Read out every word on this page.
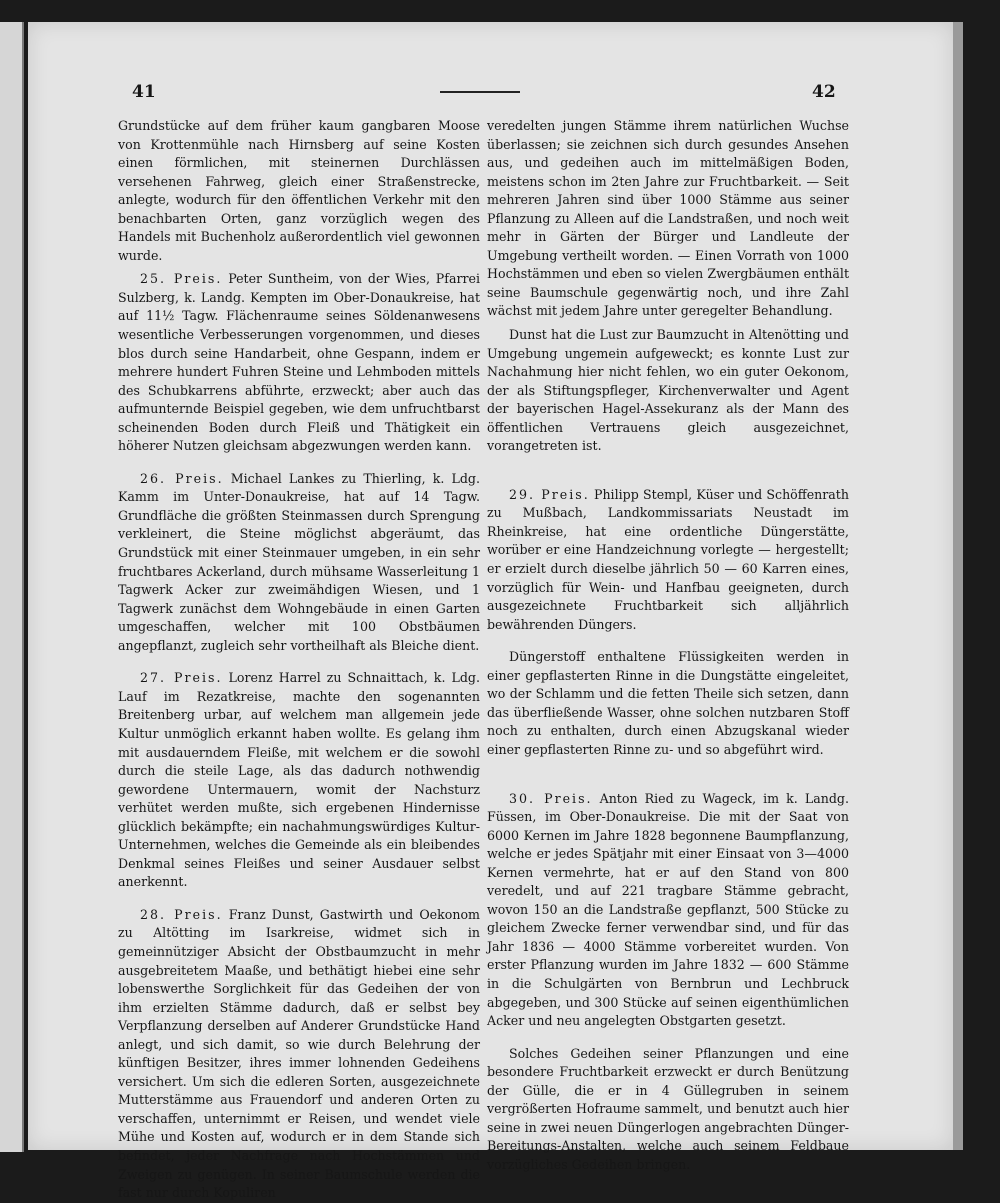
41	42

Grundstücke auf dem früher kaum gangbaren Moose von Krottenmühle nach Hirnsberg auf seine Kosten einen förmlichen, mit steinernen Durchlässen versehenen Fahrweg, gleich einer Straßenstrecke, anlegte, wodurch für den öffentlichen Verkehr mit den benachbarten Orten, ganz vorzüglich wegen des Handels mit Buchenholz außerordentlich viel gewonnen wurde.

25. Preis. Peter Suntheim, von der Wies, Pfarrei Sulzberg, k. Landg. Kempten im Ober-Donaukreise, hat auf 11½ Tagw. Flächenraume seines Söldenanwesens wesentliche Verbesserungen vorgenommen, und dieses blos durch seine Handarbeit, ohne Gespann, indem er mehrere hundert Fuhren Steine und Lehmboden mittels des Schubkarrens abführte, erzweckt; aber auch das aufmunternde Beispiel gegeben, wie dem unfruchtbarst scheinenden Boden durch Fleiß und Thätigkeit ein höherer Nutzen gleichsam abgezwungen werden kann.

26. Preis. Michael Lankes zu Thierling, k. Ldg. Kamm im Unter-Donaukreise, hat auf 14 Tagw. Grundfläche die größten Steinmassen durch Sprengung verkleinert, die Steine möglichst abgeräumt, das Grundstück mit einer Steinmauer umgeben, in ein sehr fruchtbares Ackerland, durch mühsame Wasserleitung 1 Tagwerk Acker zur zweimähdigen Wiesen, und 1 Tagwerk zunächst dem Wohngebäude in einen Garten umgeschaffen, welcher mit 100 Obstbäumen angepflanzt, zugleich sehr vortheilhaft als Bleiche dient.

27. Preis. Lorenz Harrel zu Schnaittach, k. Ldg. Lauf im Rezatkreise, machte den sogenannten Breitenberg urbar, auf welchem man allgemein jede Kultur unmöglich erkannt haben wollte. Es gelang ihm mit ausdauerndem Fleiße, mit welchem er die sowohl durch die steile Lage, als das dadurch nothwendig gewordene Untermauern, womit der Nachsturz verhütet werden mußte, sich ergebenen Hindernisse glücklich bekämpfte; ein nachahmungswürdiges Kultur-Unternehmen, welches die Gemeinde als ein bleibendes Denkmal seines Fleißes und seiner Ausdauer selbst anerkennt.

28. Preis. Franz Dunst, Gastwirth und Oekonom zu Altötting im Isarkreise, widmet sich in gemeinnütziger Absicht der Obstbaumzucht in mehr ausgebreitetem Maaße, und bethätigt hiebei eine sehr lobenswerthe Sorglichkeit für das Gedeihen der von ihm erzielten Stämme dadurch, daß er selbst bey Verpflanzung derselben auf Anderer Grundstücke Hand anlegt, und sich damit, so wie durch Belehrung der künftigen Besitzer, ihres immer lohnenden Gedeihens versichert. Um sich die edleren Sorten, ausgezeichnete Mutterstämme aus Frauendorf und anderen Orten zu verschaffen, unternimmt er Reisen, und wendet viele Mühe und Kosten auf, wodurch er in dem Stande sich befindet, jeder Nachfrage nach Hochstämmen und Zweigen zu genügen. In seiner Baumschule werden die fast nur durch Kopuliren

veredelten jungen Stämme ihrem natürlichen Wuchse überlassen; sie zeichnen sich durch gesundes Ansehen aus, und gedeihen auch im mittelmäßigen Boden, meistens schon im 2ten Jahre zur Fruchtbarkeit. — Seit mehreren Jahren sind über 1000 Stämme aus seiner Pflanzung zu Alleen auf die Landstraßen, und noch weit mehr in Gärten der Bürger und Landleute der Umgebung vertheilt worden. — Einen Vorrath von 1000 Hochstämmen und eben so vielen Zwergbäumen enthält seine Baumschule gegenwärtig noch, und ihre Zahl wächst mit jedem Jahre unter geregelter Behandlung.

Dunst hat die Lust zur Baumzucht in Altenötting und Umgebung ungemein aufgeweckt; es konnte Lust zur Nachahmung hier nicht fehlen, wo ein guter Oekonom, der als Stiftungspfleger, Kirchenverwalter und Agent der bayerischen Hagel-Assekuranz als der Mann des öffentlichen Vertrauens gleich ausgezeichnet, vorangetreten ist.

29. Preis. Philipp Stempl, Küser und Schöffenrath zu Mußbach, Landkommissariats Neustadt im Rheinkreise, hat eine ordentliche Düngerstätte, worüber er eine Handzeichnung vorlegte — hergestellt; er erzielt durch dieselbe jährlich 50 — 60 Karren eines, vorzüglich für Wein- und Hanfbau geeigneten, durch ausgezeichnete Fruchtbarkeit sich alljährlich bewährenden Düngers.

Düngerstoff enthaltene Flüssigkeiten werden in einer gepflasterten Rinne in die Dungstätte eingeleitet, wo der Schlamm und die fetten Theile sich setzen, dann das überfließende Wasser, ohne solchen nutzbaren Stoff noch zu enthalten, durch einen Abzugskanal wieder einer gepflasterten Rinne zu- und so abgeführt wird.

30. Preis. Anton Ried zu Wageck, im k. Landg. Füssen, im Ober-Donaukreise. Die mit der Saat von 6000 Kernen im Jahre 1828 begonnene Baumpflanzung, welche er jedes Spätjahr mit einer Einsaat von 3—4000 Kernen vermehrte, hat er auf den Stand von 800 veredelt, und auf 221 tragbare Stämme gebracht, wovon 150 an die Landstraße gepflanzt, 500 Stücke zu gleichem Zwecke ferner verwendbar sind, und für das Jahr 1836 — 4000 Stämme vorbereitet wurden. Von erster Pflanzung wurden im Jahre 1832 — 600 Stämme in die Schulgärten von Bernbrun und Lechbruck abgegeben, und 300 Stücke auf seinen eigenthümlichen Acker und neu angelegten Obstgarten gesetzt.

Solches Gedeihen seiner Pflanzungen und eine besondere Fruchtbarkeit erzweckt er durch Benützung der Gülle, die er in 4 Güllegruben in seinem vergrößerten Hofraume sammelt, und benutzt auch hier seine in zwei neuen Düngerlogen angebrachten Dünger-Bereitungs-Anstalten, welche auch seinem Feldbaue vorzügliches Gedeihen bringen.
